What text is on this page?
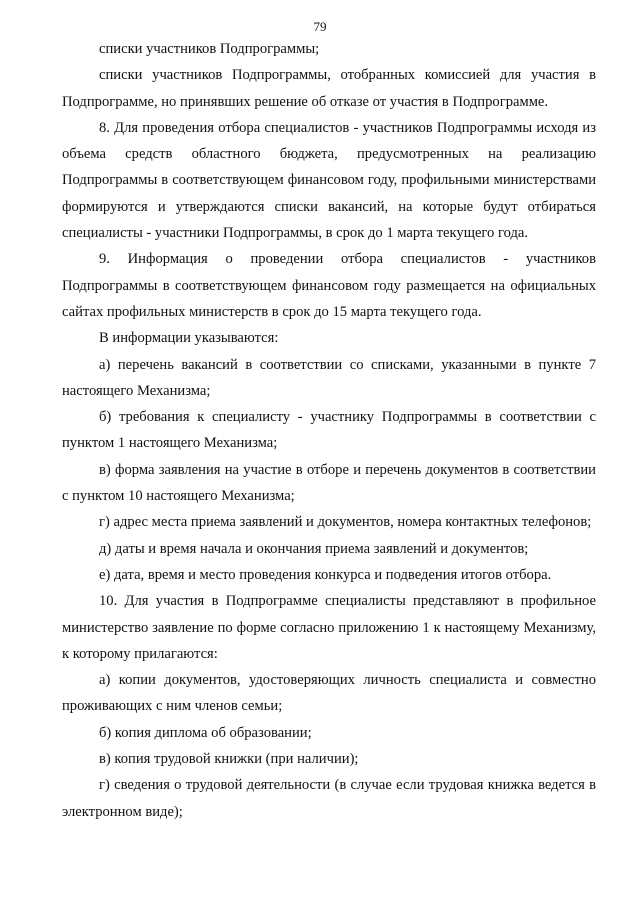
79

списки участников Подпрограммы;

списки участников Подпрограммы, отобранных комиссией для участия в Подпрограмме, но принявших решение об отказе от участия в Подпрограмме.

8. Для проведения отбора специалистов - участников Подпрограммы исходя из объема средств областного бюджета, предусмотренных на реализацию Подпрограммы в соответствующем финансовом году, профильными министерствами формируются и утверждаются списки вакансий, на которые будут отбираться специалисты - участники Подпрограммы, в срок до 1 марта текущего года.

9. Информация о проведении отбора специалистов - участников Подпрограммы в соответствующем финансовом году размещается на официальных сайтах профильных министерств в срок до 15 марта текущего года.

В информации указываются:

а) перечень вакансий в соответствии со списками, указанными в пункте 7 настоящего Механизма;

б) требования к специалисту - участнику Подпрограммы в соответствии с пунктом 1 настоящего Механизма;

в) форма заявления на участие в отборе и перечень документов в соответствии с пунктом 10 настоящего Механизма;

г) адрес места приема заявлений и документов, номера контактных телефонов;

д) даты и время начала и окончания приема заявлений и документов;

е) дата, время и место проведения конкурса и подведения итогов отбора.

10. Для участия в Подпрограмме специалисты представляют в профильное министерство заявление по форме согласно приложению 1 к настоящему Механизму, к которому прилагаются:

а) копии документов, удостоверяющих личность специалиста и совместно проживающих с ним членов семьи;

б) копия диплома об образовании;

в) копия трудовой книжки (при наличии);

г) сведения о трудовой деятельности (в случае если трудовая книжка ведется в электронном виде);
